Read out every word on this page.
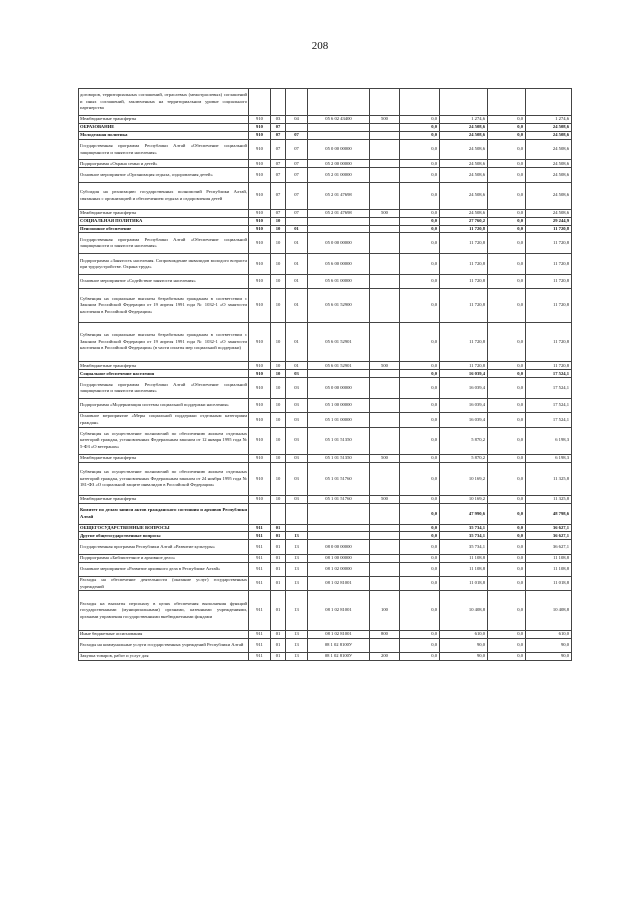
208
договоров, территориальных соглашений, отраслевых (межотраслевых) соглашений и иных соглашений, заключенных на территориальном уровне социального партнерства									
Межбюджетные трансферты	910	03	04	05 6 02 43400	500	0,0	1 274,6	0,0	1 274,6
ОБРАЗОВАНИЕ	910	07				0,0	24 508,6	0,0	24 508,6
Молодежная политика	910	07	07			0,0	24 508,6	0,0	24 508,6
Государственная программа Республики Алтай «Обеспечение социальной защищенности и занятости населения»	910	07	07	05 0 00 00000		0,0	24 508,6	0,0	24 508,6
Подпрограмма «Охрана семьи и детей»	910	07	07	05 2 00 00000		0,0	24 508,6	0,0	24 508,6
Основное мероприятие «Организация отдыха, оздоровления детей»	910	07	07	05 2 01 00000		0,0	24 508,6	0,0	24 508,6
Субсидия на реализацию государственных полномочий Республики Алтай, связанных с организацией и обеспечением отдыха и оздоровления детей	910	07	07	05 2 01 47698		0,0	24 508,6	0,0	24 508,6
Межбюджетные трансферты	910	07	07	05 2 01 47698	500	0,0	24 508,6	0,0	24 508,6
СОЦИАЛЬНАЯ ПОЛИТИКА	910	10				0,0	27 760,2	0,0	29 244,9
Пенсионное обеспечение	910	10	01			0,0	11 720,8	0,0	11 720,8
Государственная программа Республики Алтай «Обеспечение социальной защищенности и занятости населения»	910	10	01	05 0 00 00000		0,0	11 720,8	0,0	11 720,8
Подпрограмма «Занятость населения. Сопровождение инвалидов молодого возраста при трудоустройстве. Охрана труда»	910	10	01	05 6 00 00000		0,0	11 720,8	0,0	11 720,8
Основное мероприятие «Содействие занятости населения»	910	10	01	05 6 01 00000		0,0	11 720,8	0,0	11 720,8
Субвенция на социальные выплаты безработным гражданам в соответствии с Законом Российской Федерации от 19 апреля 1991 года № 1032-1 «О занятости населения в Российской Федерации»	910	10	01	05 6 01 52900		0,0	11 720,8	0,0	11 720,8
Субвенция на социальные выплаты безработным гражданам в соответствии с Законом Российской Федерации от 19 апреля 1991 года № 1032-1 «О занятости населения в Российской Федерации» (в части оплаты мер социальной поддержки)	910	10	01	05 6 01 52901		0,0	11 720,8	0,0	11 720,8
Межбюджетные трансферты	910	10	01	05 6 01 52901	500	0,0	11 720,8	0,0	11 720,8
Социальное обеспечение населения	910	10	03			0,0	16 039,4	0,0	17 524,1
Государственная программа Республики Алтай «Обеспечение социальной защищенности и занятости населения»	910	10	03	05 0 00 00000		0,0	16 039,4	0,0	17 524,1
Подпрограмма «Модернизация системы социальной поддержки населения»	910	10	03	05 1 00 00000		0,0	16 039,4	0,0	17 524,1
Основное мероприятие «Меры социальной поддержки отдельным категориям граждан»	910	10	03	05 1 01 00000		0,0	16 039,4	0,0	17 524,1
Субвенция на осуществление полномочий по обеспечению жильем отдельных категорий граждан, установленных Федеральным законом от 12 января 1995 года № 5-ФЗ «О ветеранах»	910	10	03	05 1 01 51350		0,0	5 870,2	0,0	6 198,3
Межбюджетные трансферты	910	10	03	05 1 01 51350	500	0,0	5 870,2	0,0	6 198,3
Субвенция на осуществление полномочий по обеспечению жильем отдельных категорий граждан, установленных Федеральным законом от 24 ноября 1995 года № 181-ФЗ «О социальной защите инвалидов в Российской Федерации»	910	10	03	05 1 01 51760		0,0	10 169,2	0,0	11 325,8
Межбюджетные трансферты	910	10	03	05 1 01 51760	500	0,0	10 169,2	0,0	11 325,8
Комитет по делам записи актов гражданского состояния и архивов Республики Алтай						0,0	47 990,6	0,0	48 798,6
ОБЩЕГОСУДАРСТВЕННЫЕ ВОПРОСЫ	911	01				0,0	35 734,1	0,0	36 627,1
Другие общегосударственные вопросы	911	01	13			0,0	35 734,1	0,0	36 627,1
Государственная программа Республики Алтай «Развитие культуры»	911	01	13	08 0 00 00000		0,0	35 734,1	0,0	36 627,1
Подпрограмма «Библиотечное и архивное дело»	911	01	13	08 1 00 00000		0,0	11 108,8	0,0	11 108,8
Основное мероприятие «Развитие архивного дела в Республике Алтай»	911	01	13	08 1 02 00000		0,0	11 108,8	0,0	11 108,8
Расходы на обеспечение деятельности (оказание услуг) государственных учреждений	911	01	13	08 1 02 81001		0,0	11 018,8	0,0	11 018,8
Расходы на выплаты персоналу в целях обеспечения выполнения функций государственными (муниципальными) органами, казенными учреждениями, органами управления государственными внебюджетными фондами	911	01	13	08 1 02 81001	100	0,0	10 408,8	0,0	10 408,8
Иные бюджетные ассигнования	911	01	13	08 1 02 81001	800	0,0	610,0	0,0	610,0
Расходы на коммунальные услуги государственных учреждений Республики Алтай	911	01	13	08 1 02 8100У		0,0	90,0	0,0	90,0
Закупка товаров, работ и услуг для	911	01	13	08 1 02 8100У	200	0,0	90,0	0,0	90,0
